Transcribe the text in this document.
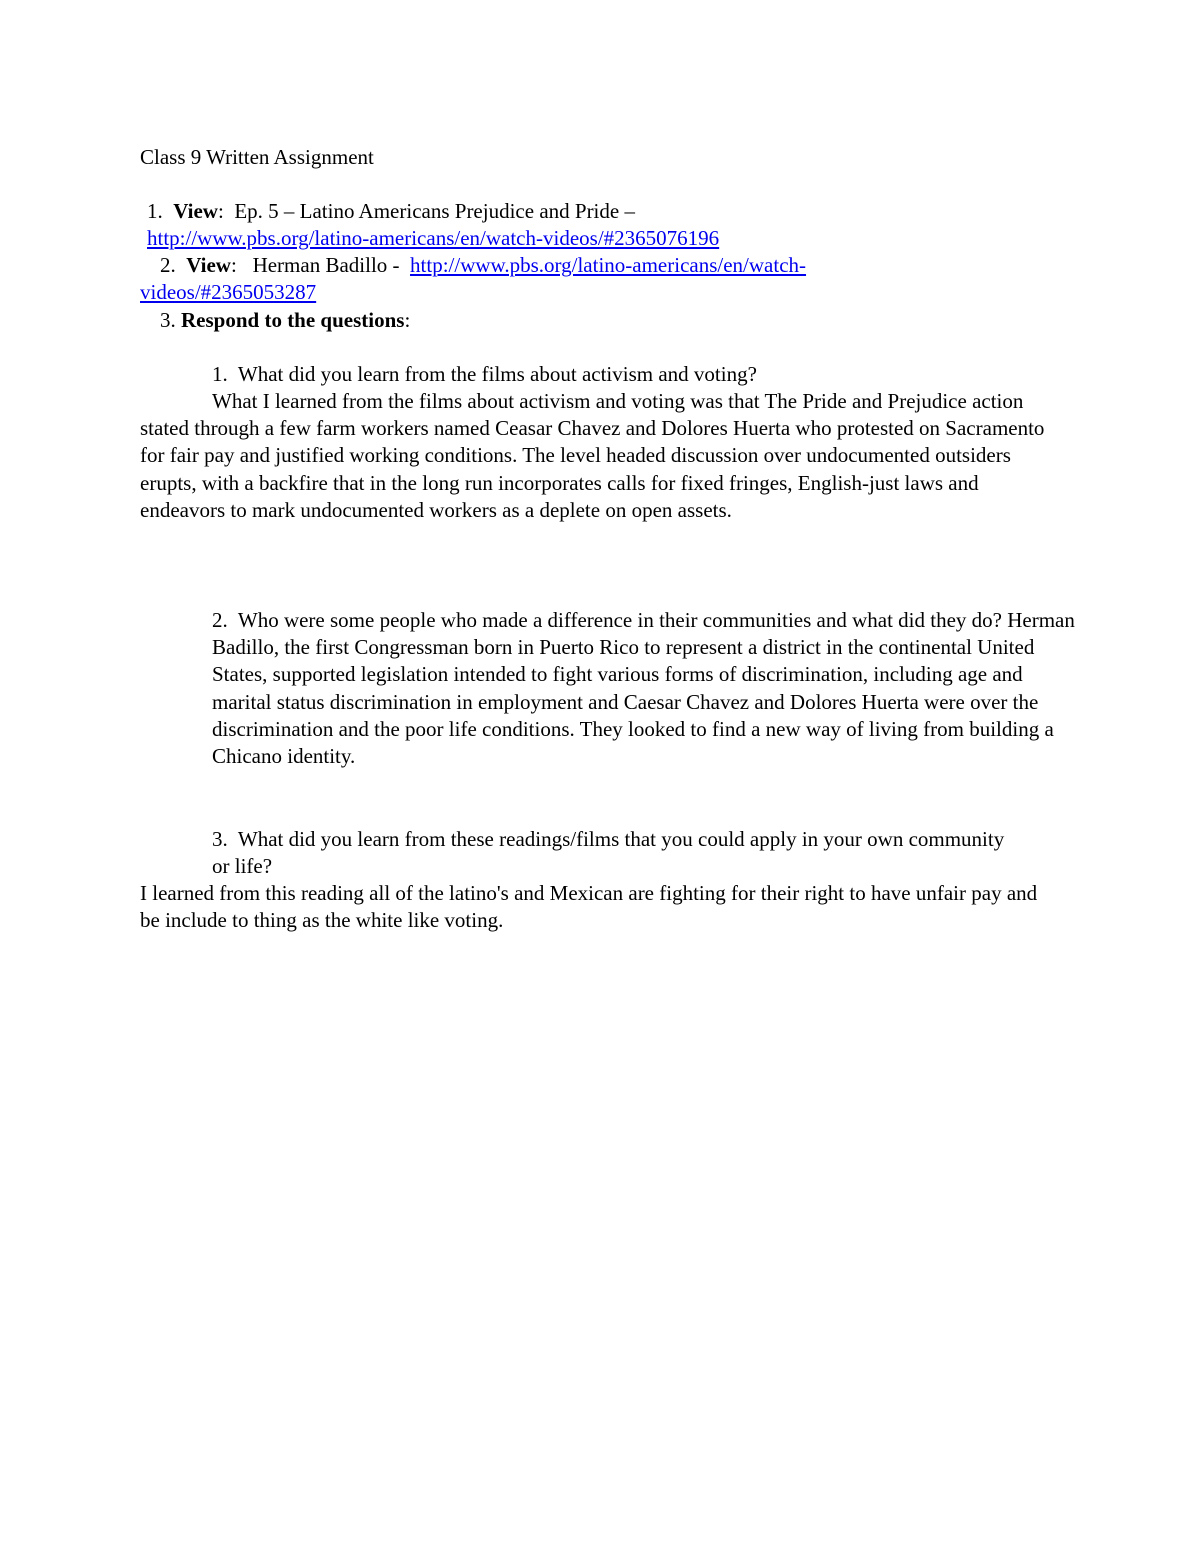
Class 9 Written Assignment
1. View: Ep. 5 – Latino Americans Prejudice and Pride –
http://www.pbs.org/latino-americans/en/watch-videos/#2365076196
2. View: Herman Badillo - http://www.pbs.org/latino-americans/en/watch-
videos/#2365053287
3. Respond to the questions:
1. What did you learn from the films about activism and voting?
What I learned from the films about activism and voting was that The Pride and Prejudice action stated through a few farm workers named Ceasar Chavez and Dolores Huerta who protested on Sacramento for fair pay and justified working conditions. The level headed discussion over undocumented outsiders erupts, with a backfire that in the long run incorporates calls for fixed fringes, English-just laws and endeavors to mark undocumented workers as a deplete on open assets.
2. Who were some people who made a difference in their communities and what did they do? Herman Badillo, the first Congressman born in Puerto Rico to represent a district in the continental United States, supported legislation intended to fight various forms of discrimination, including age and marital status discrimination in employment and Caesar Chavez and Dolores Huerta were over the discrimination and the poor life conditions. They looked to find a new way of living from building a Chicano identity.
3. What did you learn from these readings/films that you could apply in your own community or life?
I learned from this reading all of the latino's and Mexican are fighting for their right to have unfair pay and be include to thing as the white like voting.
